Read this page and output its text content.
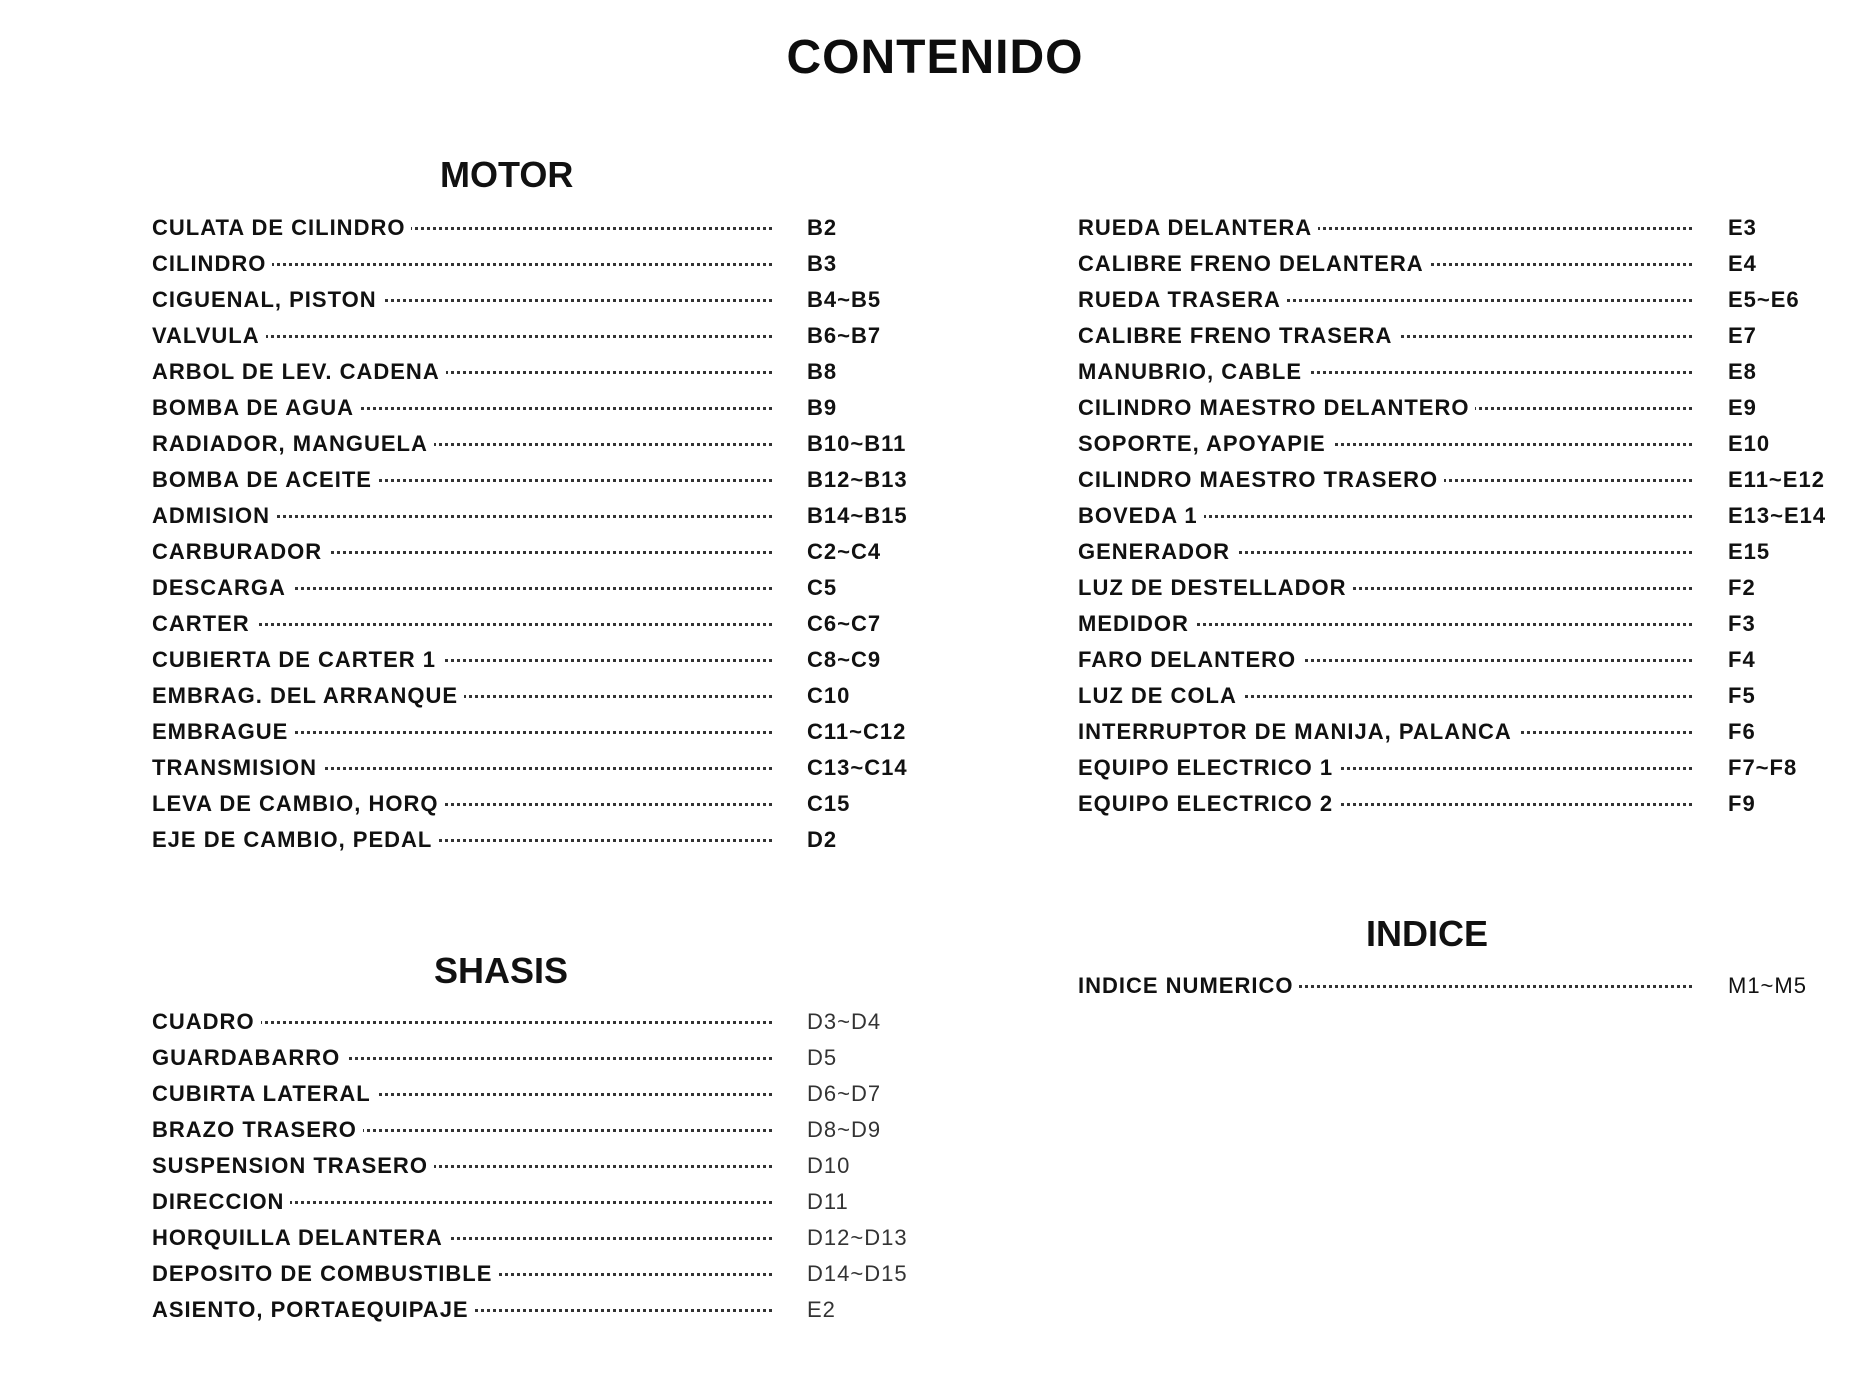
CONTENIDO
MOTOR
CULATA DE CILINDRO	B2
CILINDRO	B3
CIGUENAL, PISTON	B4~B5
VALVULA	B6~B7
ARBOL DE LEV. CADENA	B8
BOMBA DE AGUA	B9
RADIADOR, MANGUELA	B10~B11
BOMBA DE ACEITE	B12~B13
ADMISION	B14~B15
CARBURADOR	C2~C4
DESCARGA	C5
CARTER	C6~C7
CUBIERTA DE CARTER 1	C8~C9
EMBRAG. DEL ARRANQUE	C10
EMBRAGUE	C11~C12
TRANSMISION	C13~C14
LEVA DE CAMBIO, HORQ	C15
EJE DE CAMBIO, PEDAL	D2
RUEDA DELANTERA	E3
CALIBRE FRENO DELANTERA	E4
RUEDA TRASERA	E5~E6
CALIBRE FRENO TRASERA	E7
MANUBRIO, CABLE	E8
CILINDRO MAESTRO DELANTERO	E9
SOPORTE, APOYAPIE	E10
CILINDRO MAESTRO TRASERO	E11~E12
BOVEDA 1	E13~E14
GENERADOR	E15
LUZ DE DESTELLADOR	F2
MEDIDOR	F3
FARO DELANTERO	F4
LUZ DE COLA	F5
INTERRUPTOR DE MANIJA, PALANCA	F6
EQUIPO ELECTRICO 1	F7~F8
EQUIPO ELECTRICO 2	F9
SHASIS
CUADRO	D3~D4
GUARDABARRO	D5
CUBIRTA LATERAL	D6~D7
BRAZO TRASERO	D8~D9
SUSPENSION TRASERO	D10
DIRECCION	D11
HORQUILLA DELANTERA	D12~D13
DEPOSITO DE COMBUSTIBLE	D14~D15
ASIENTO, PORTAEQUIPAJE	E2
INDICE
INDICE NUMERICO	M1~M5
